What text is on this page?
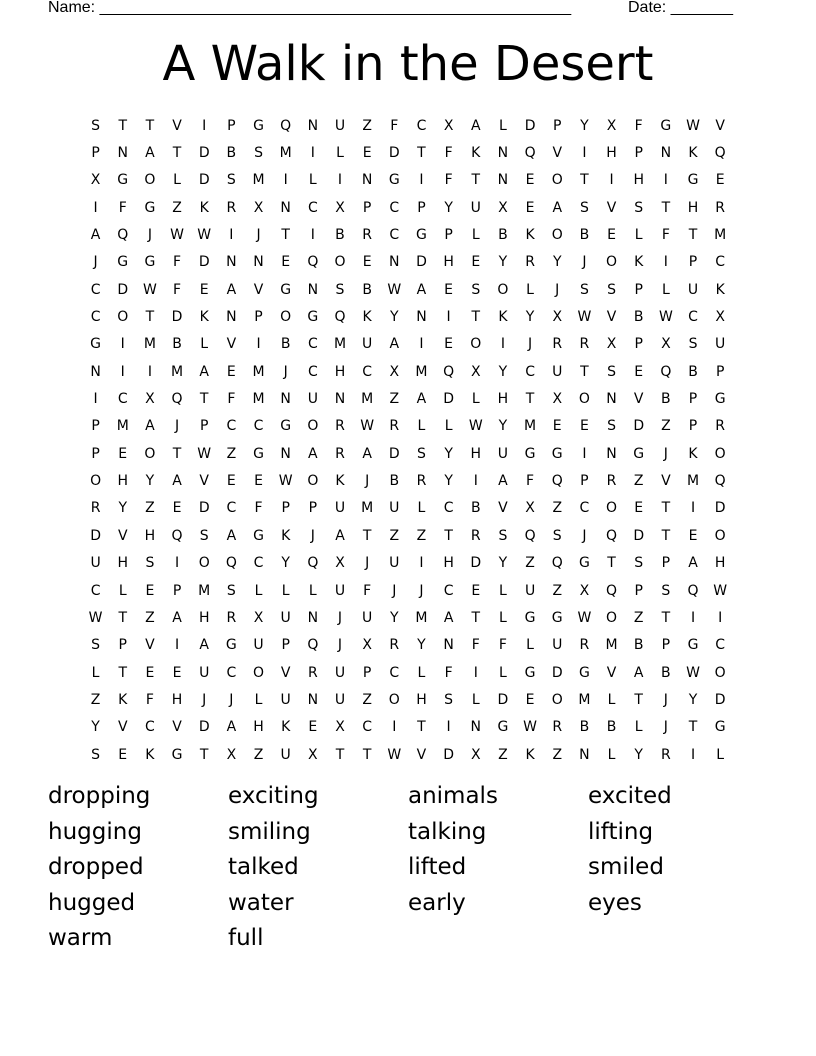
Name: _____________________________________________________	Date: _______
A Walk in the Desert
S	T	T	V	I	P	G	Q	N	U	Z	F	C	X	A	L	D	P	Y	X	F	G	W	V
P	N	A	T	D	B	S	M	I	L	E	D	T	F	K	N	Q	V	I	H	P	N	K	Q
X	G	O	L	D	S	M	I	L	I	N	G	I	F	T	N	E	O	T	I	H	I	G	E
I	F	G	Z	K	R	X	N	C	X	P	C	P	Y	U	X	E	A	S	V	S	T	H	R
A	Q	J	W W	I	J	T	I	B	R	C	G	P	L	B	K	O	B	E	L	F	T	M
J	G	G	F	D	N	N	E	Q	O	E	N	D	H	E	Y	R	Y	J	O	K	I	P	C
C	D	W	F	E	A	V	G	N	S	B	W	A	E	S	O	L	J	S	S	P	L	U	K
C	O	T	D	K	N	P	O	G	Q	K	Y	N	I	T	K	Y	X	W	V	B	W	C	X
G	I	M	B	L	V	I	B	C	M	U	A	I	E	O	I	J	R	R	X	P	X	S	U
N	I	I	M	A	E	M	J	C	H	C	X	M	Q	X	Y	C	U	T	S	E	Q	B	P
I	C	X	Q	T	F	M	N	U	N	M	Z	A	D	L	H	T	X	O	N	V	B	P	G
P	M	A	J	P	C	C	G	O	R	W	R	L	L	W	Y	M	E	E	S	D	Z	P	R
P	E	O	T	W	Z	G	N	A	R	A	D	S	Y	H	U	G	G	I	N	G	J	K	O
O	H	Y	A	V	E	E	W	O	K	J	B	R	Y	I	A	F	Q	P	R	Z	V	M	Q
R	Y	Z	E	D	C	F	P	P	U	M	U	L	C	B	V	X	Z	C	O	E	T	I	D
D	V	H	Q	S	A	G	K	J	A	T	Z	Z	T	R	S	Q	S	J	Q	D	T	E	O
U	H	S	I	O	Q	C	Y	Q	X	J	U	I	H	D	Y	Z	Q	G	T	S	P	A	H
C	L	E	P	M	S	L	L	L	U	F	J	J	C	E	L	U	Z	X	Q	P	S	Q	W
W	T	Z	A	H	R	X	U	N	J	U	Y	M	A	T	L	G	G	W	O	Z	T	I	I
S	P	V	I	A	G	U	P	Q	J	X	R	Y	N	F	F	L	U	R	M	B	P	G	C
L	T	E	E	U	C	O	V	R	U	P	C	L	F	I	L	G	D	G	V	A	B	W	O
Z	K	F	H	J	J	L	U	N	U	Z	O	H	S	L	D	E	O	M	L	T	J	Y	D
Y	V	C	V	D	A	H	K	E	X	C	I	T	I	N	G	W	R	B	B	L	J	T	G
S	E	K	G	T	X	Z	U	X	T	T	W	V	D	X	Z	K	Z	N	L	Y	R	I	L
dropping	exciting	animals	excited
hugging	smiling	talking	lifting
dropped	talked	lifted	smiled
hugged	water	early	eyes
warm	full
